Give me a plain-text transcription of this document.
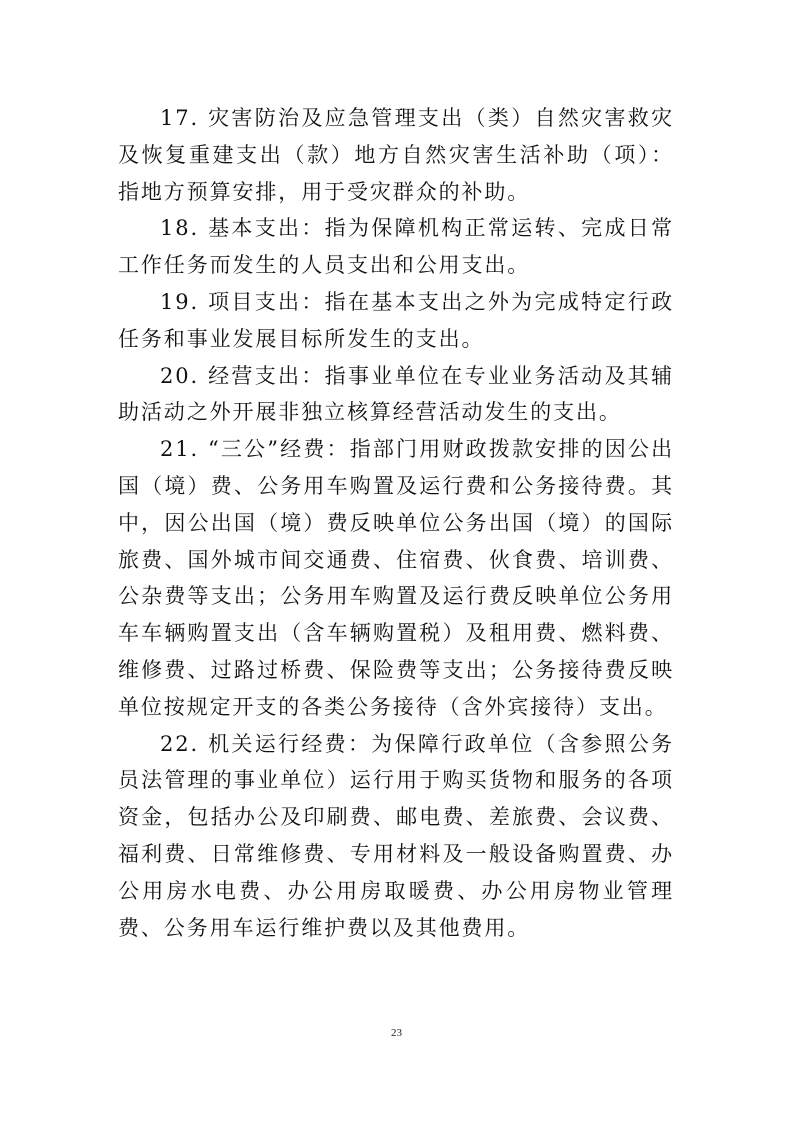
17. 灾害防治及应急管理支出（类）自然灾害救灾及恢复重建支出（款）地方自然灾害生活补助（项）：指地方预算安排，用于受灾群众的补助。

18. 基本支出：指为保障机构正常运转、完成日常工作任务而发生的人员支出和公用支出。

19. 项目支出：指在基本支出之外为完成特定行政任务和事业发展目标所发生的支出。

20. 经营支出：指事业单位在专业业务活动及其辅助活动之外开展非独立核算经营活动发生的支出。

21. “三公”经费：指部门用财政拨款安排的因公出国（境）费、公务用车购置及运行费和公务接待费。其中，因公出国（境）费反映单位公务出国（境）的国际旅费、国外城市间交通费、住宿费、伙食费、培训费、公杂费等支出；公务用车购置及运行费反映单位公务用车车辆购置支出（含车辆购置税）及租用费、燃料费、维修费、过路过桥费、保险费等支出；公务接待费反映单位按规定开支的各类公务接待（含外宾接待）支出。

22. 机关运行经费：为保障行政单位（含参照公务员法管理的事业单位）运行用于购买货物和服务的各项资金，包括办公及印刷费、邮电费、差旅费、会议费、福利费、日常维修费、专用材料及一般设备购置费、办公用房水电费、办公用房取暖费、办公用房物业管理费、公务用车运行维护费以及其他费用。

23
